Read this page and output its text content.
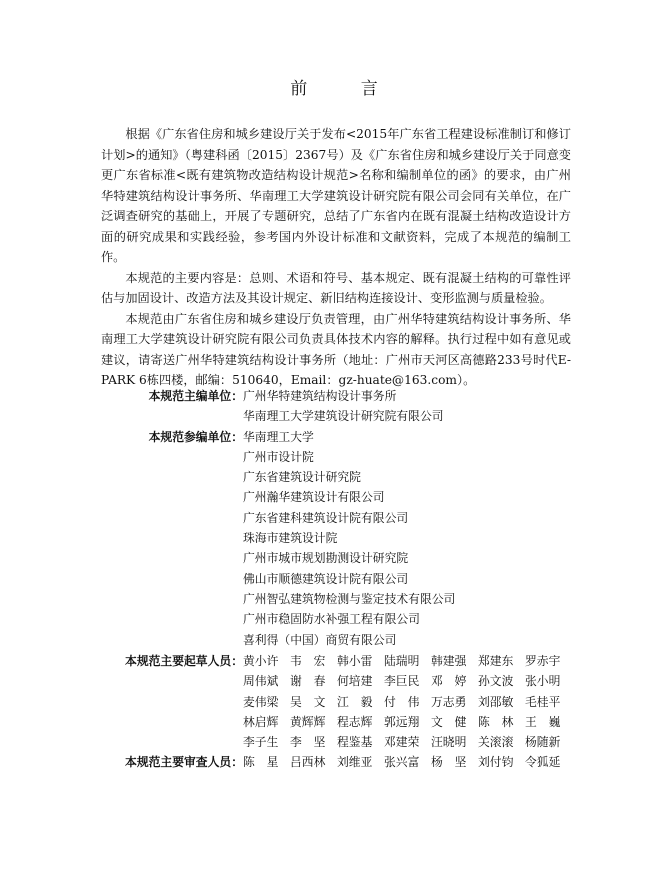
前 言

根据《广东省住房和城乡建设厅关于发布<2015年广东省工程建设标准制订和修订计划>的通知》（粤建科函〔2015〕2367号）及《广东省住房和城乡建设厅关于同意变更广东省标准<既有建筑物改造结构设计规范>名称和编制单位的函》的要求，由广州华特建筑结构设计事务所、华南理工大学建筑设计研究院有限公司会同有关单位，在广泛调查研究的基础上，开展了专题研究，总结了广东省内在既有混凝土结构改造设计方面的研究成果和实践经验，参考国内外设计标准和文献资料，完成了本规范的编制工作。

本规范的主要内容是：总则、术语和符号、基本规定、既有混凝土结构的可靠性评估与加固设计、改造方法及其设计规定、新旧结构连接设计、变形监测与质量检验。

本规范由广东省住房和城乡建设厅负责管理，由广州华特建筑结构设计事务所、华南理工大学建筑设计研究院有限公司负责具体技术内容的解释。执行过程中如有意见或建议，请寄送广州华特建筑结构设计事务所（地址：广州市天河区高德路233号时代E-PARK 6栋四楼，邮编：510640，Email：gz-huate@163.com）。

本规范主编单位： 广州华特建筑结构设计事务所
华南理工大学建筑设计研究院有限公司
本规范参编单位： 华南理工大学
广州市设计院
广东省建筑设计研究院
广州瀚华建筑设计有限公司
广东省建科建筑设计院有限公司
珠海市建筑设计院
广州市城市规划勘测设计研究院
佛山市顺德建筑设计院有限公司
广州智弘建筑物检测与鉴定技术有限公司
广州市稳固防水补强工程有限公司
喜利得（中国）商贸有限公司
本规范主要起草人员： 黄小许 韦　宏 韩小雷 陆瑞明 韩建强 郑建东 罗赤宇
周伟斌 谢　春 何培建 李巨民 邓　婷 孙文波 张小明
麦伟梁 吴　文 江　毅 付　伟 万志勇 刘邵敏 毛桂平
林启辉 黄辉辉 程志辉 郭远翔 文　健 陈　林 王　巍
李子生 李　坚 程鉴基 邓建荣 汪晓明 关滚滚 杨随新
本规范主要审查人员： 陈　星 吕西林 刘维亚 张兴富 杨　坚 刘付钧 令狐延
